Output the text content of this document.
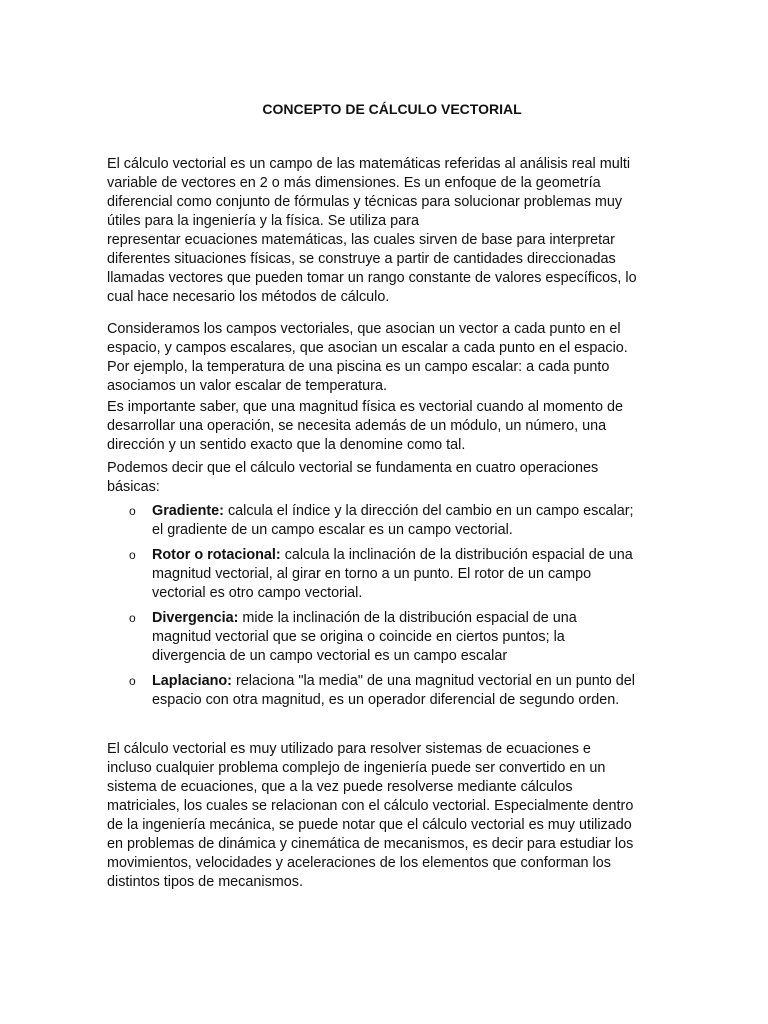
CONCEPTO DE CÁLCULO VECTORIAL

El cálculo vectorial es un campo de las matemáticas referidas al análisis real multi
variable de vectores en 2 o más dimensiones. Es un enfoque de la geometría
diferencial como conjunto de fórmulas y técnicas para solucionar problemas muy
útiles para la ingeniería y la física. Se utiliza para
representar ecuaciones matemáticas, las cuales sirven de base para interpretar
diferentes situaciones físicas, se construye a partir de cantidades direccionadas
llamadas vectores que pueden tomar un rango constante de valores específicos, lo
cual hace necesario los métodos de cálculo.

Consideramos los campos vectoriales, que asocian un vector a cada punto en el
espacio, y campos escalares, que asocian un escalar a cada punto en el espacio.
Por ejemplo, la temperatura de una piscina es un campo escalar: a cada punto
asociamos un valor escalar de temperatura.

Es importante saber, que una magnitud física es vectorial cuando al momento de
desarrollar una operación, se necesita además de un módulo, un número, una
dirección y un sentido exacto que la denomine como tal.

Podemos decir que el cálculo vectorial se fundamenta en cuatro operaciones
básicas:

o Gradiente: calcula el índice y la dirección del cambio en un campo escalar;
el gradiente de un campo escalar es un campo vectorial.
o Rotor o rotacional: calcula la inclinación de la distribución espacial de una
magnitud vectorial, al girar en torno a un punto. El rotor de un campo
vectorial es otro campo vectorial.
o Divergencia: mide la inclinación de la distribución espacial de una
magnitud vectorial que se origina o coincide en ciertos puntos; la
divergencia de un campo vectorial es un campo escalar
o Laplaciano: relaciona "la media" de una magnitud vectorial en un punto del
espacio con otra magnitud, es un operador diferencial de segundo orden.

El cálculo vectorial es muy utilizado para resolver sistemas de ecuaciones e
incluso cualquier problema complejo de ingeniería puede ser convertido en un
sistema de ecuaciones, que a la vez puede resolverse mediante cálculos
matriciales, los cuales se relacionan con el cálculo vectorial. Especialmente dentro
de la ingeniería mecánica, se puede notar que el cálculo vectorial es muy utilizado
en problemas de dinámica y cinemática de mecanismos, es decir para estudiar los
movimientos, velocidades y aceleraciones de los elementos que conforman los
distintos tipos de mecanismos.
